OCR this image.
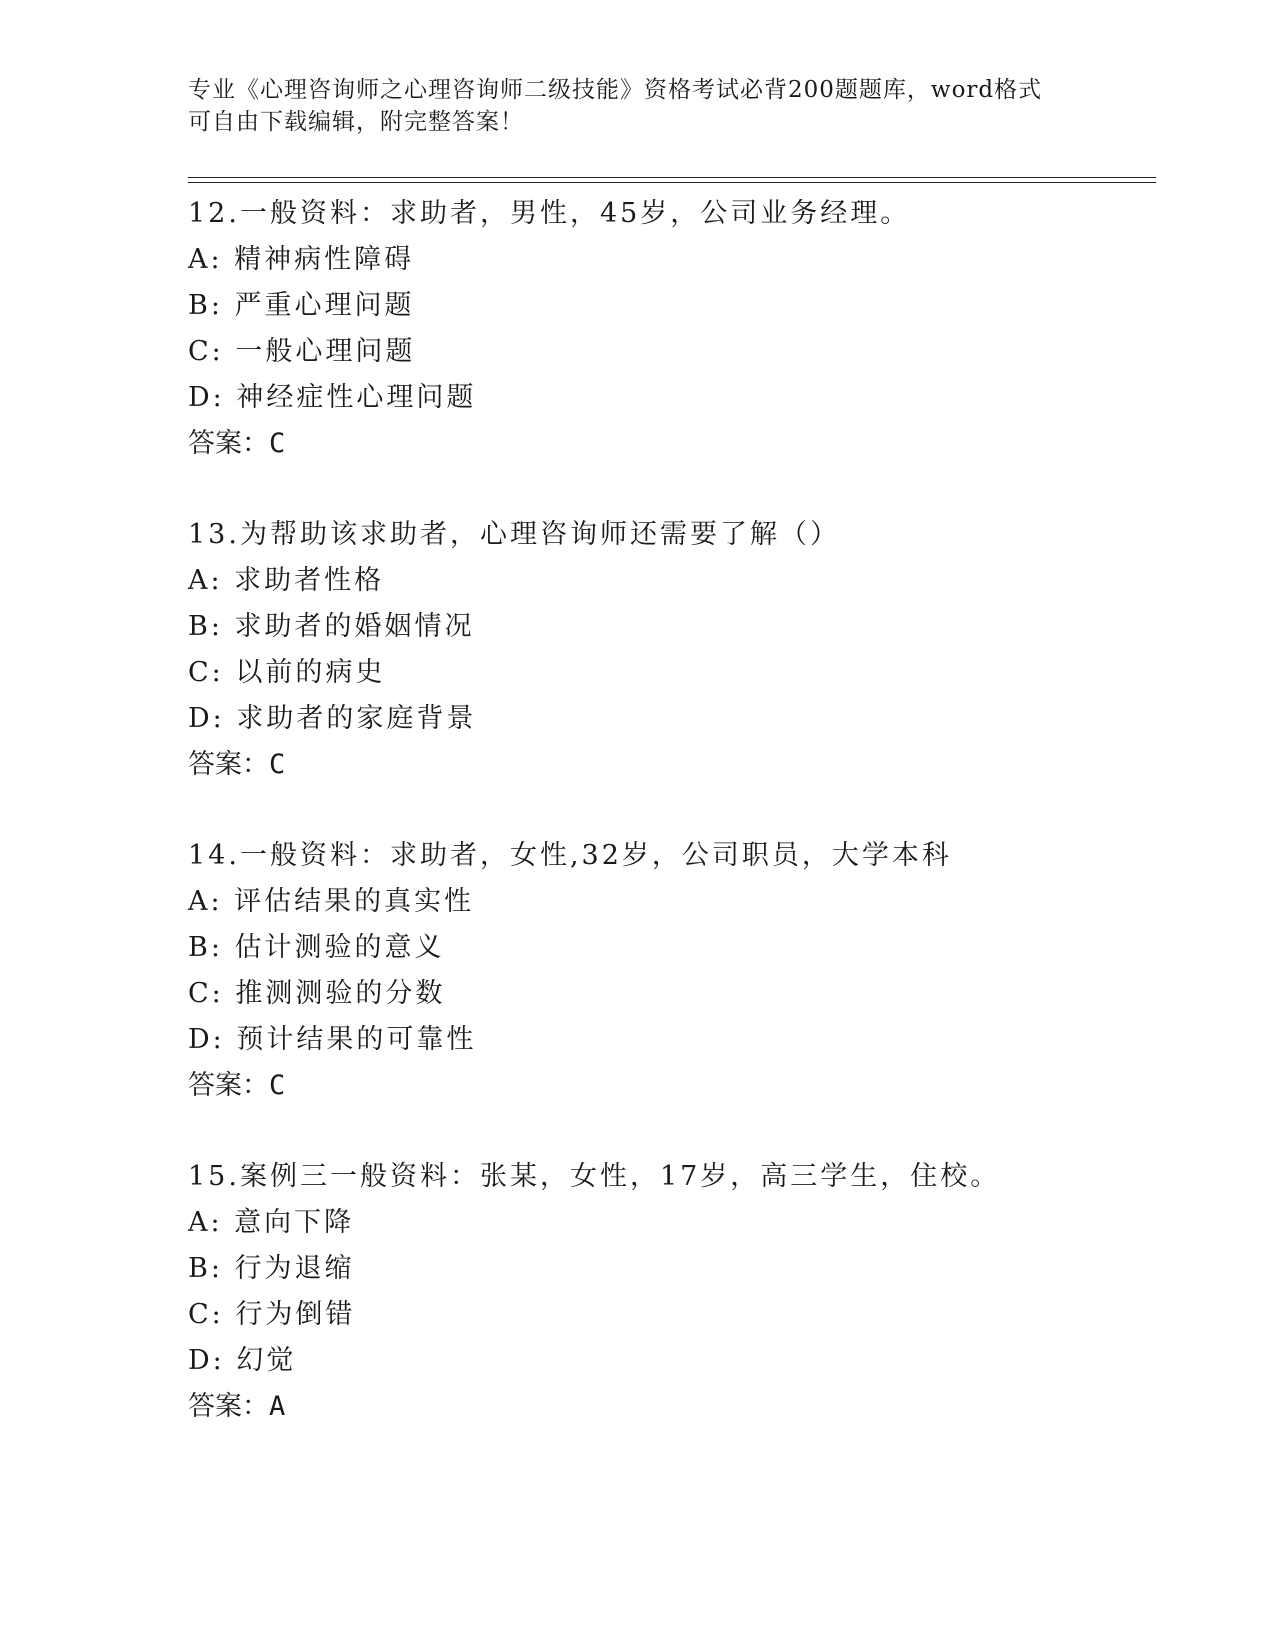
专业《心理咨询师之心理咨询师二级技能》资格考试必背200题题库，word格式
可自由下载编辑，附完整答案！
12.一般资料：求助者，男性，45岁，公司业务经理。
A: 精神病性障碍
B: 严重心理问题
C: 一般心理问题
D: 神经症性心理问题
答案：C
13.为帮助该求助者，心理咨询师还需要了解（）
A: 求助者性格
B: 求助者的婚姻情况
C: 以前的病史
D: 求助者的家庭背景
答案：C
14.一般资料：求助者，女性,32岁，公司职员，大学本科
A: 评估结果的真实性
B: 估计测验的意义
C: 推测测验的分数
D: 预计结果的可靠性
答案：C
15.案例三一般资料：张某，女性，17岁，高三学生，住校。
A: 意向下降
B: 行为退缩
C: 行为倒错
D: 幻觉
答案：A
